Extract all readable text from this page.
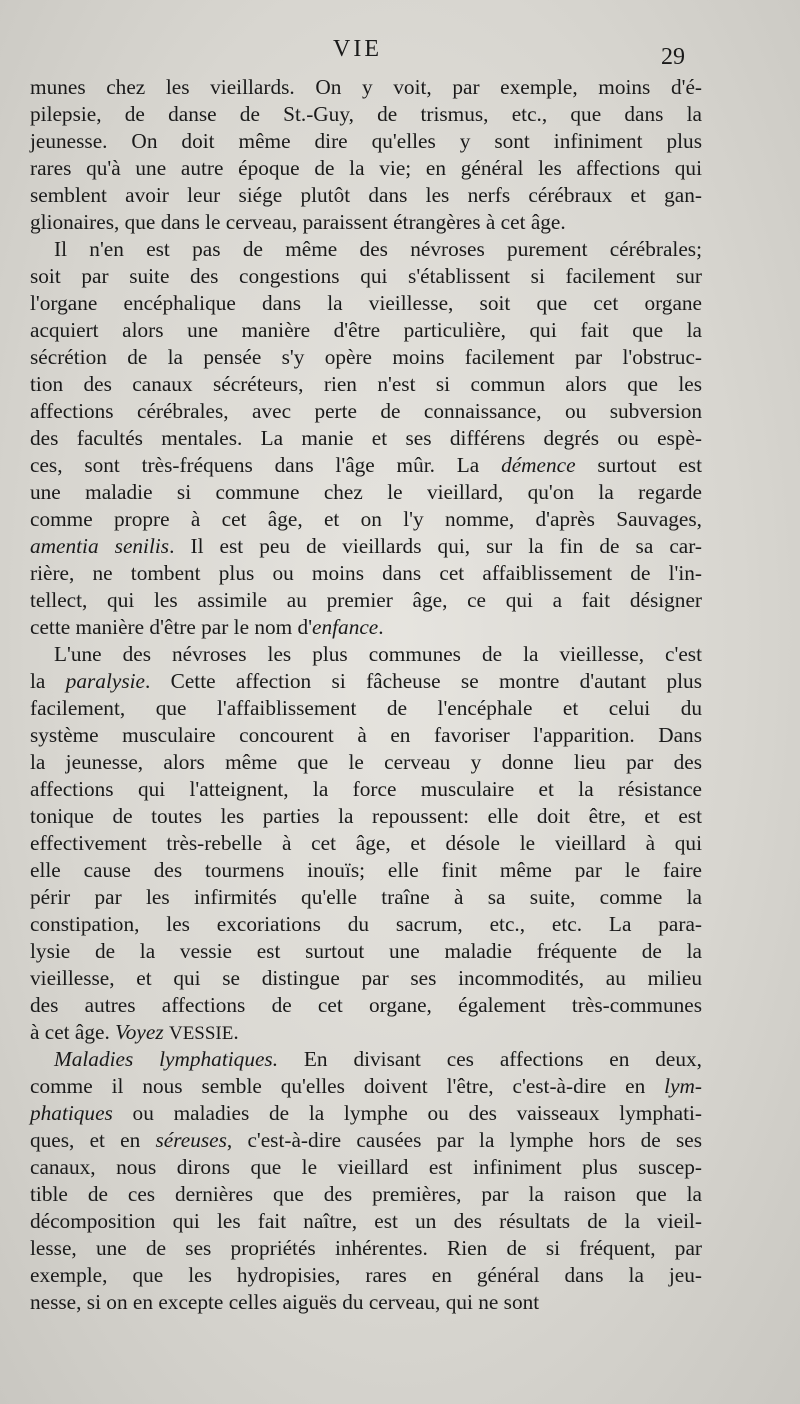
VIE	29
munes chez les vieillards. On y voit, par exemple, moins d'é-
pilepsie, de danse de St.-Guy, de trismus, etc., que dans la
jeunesse. On doit même dire qu'elles y sont infiniment plus
rares qu'à une autre époque de la vie; en général les affections qui
semblent avoir leur siége plutôt dans les nerfs cérébraux et gan-
glionaires, que dans le cerveau, paraissent étrangères à cet âge.
Il n'en est pas de même des névroses purement cérébrales;
soit par suite des congestions qui s'établissent si facilement sur
l'organe encéphalique dans la vieillesse, soit que cet organe
acquiert alors une manière d'être particulière, qui fait que la
sécrétion de la pensée s'y opère moins facilement par l'obstruc-
tion des canaux sécréteurs, rien n'est si commun alors que les
affections cérébrales, avec perte de connaissance, ou subversion
des facultés mentales. La manie et ses différens degrés ou espè-
ces, sont très-fréquens dans l'âge mûr. La démence surtout est
une maladie si commune chez le vieillard, qu'on la regarde
comme propre à cet âge, et on l'y nomme, d'après Sauvages,
amentia senilis. Il est peu de vieillards qui, sur la fin de sa car-
rière, ne tombent plus ou moins dans cet affaiblissement de l'in-
tellect, qui les assimile au premier âge, ce qui a fait désigner
cette manière d'être par le nom d'enfance.
L'une des névroses les plus communes de la vieillesse, c'est
la paralysie. Cette affection si fâcheuse se montre d'autant plus
facilement, que l'affaiblissement de l'encéphale et celui du
système musculaire concourent à en favoriser l'apparition. Dans
la jeunesse, alors même que le cerveau y donne lieu par des
affections qui l'atteignent, la force musculaire et la résistance
tonique de toutes les parties la repoussent: elle doit être, et est
effectivement très-rebelle à cet âge, et désole le vieillard à qui
elle cause des tourmens inouïs; elle finit même par le faire
périr par les infirmités qu'elle traîne à sa suite, comme la
constipation, les excoriations du sacrum, etc., etc. La para-
lysie de la vessie est surtout une maladie fréquente de la
vieillesse, et qui se distingue par ses incommodités, au milieu
des autres affections de cet organe, également très-communes
à cet âge. Voyez VESSIE.
Maladies lymphatiques. En divisant ces affections en deux,
comme il nous semble qu'elles doivent l'être, c'est-à-dire en lym-
phatiques ou maladies de la lymphe ou des vaisseaux lymphati-
ques, et en séreuses, c'est-à-dire causées par la lymphe hors de ses
canaux, nous dirons que le vieillard est infiniment plus suscep-
tible de ces dernières que des premières, par la raison que la
décomposition qui les fait naître, est un des résultats de la vieil-
lesse, une de ses propriétés inhérentes. Rien de si fréquent, par
exemple, que les hydropisies, rares en général dans la jeu-
nesse, si on en excepte celles aiguës du cerveau, qui ne sont
